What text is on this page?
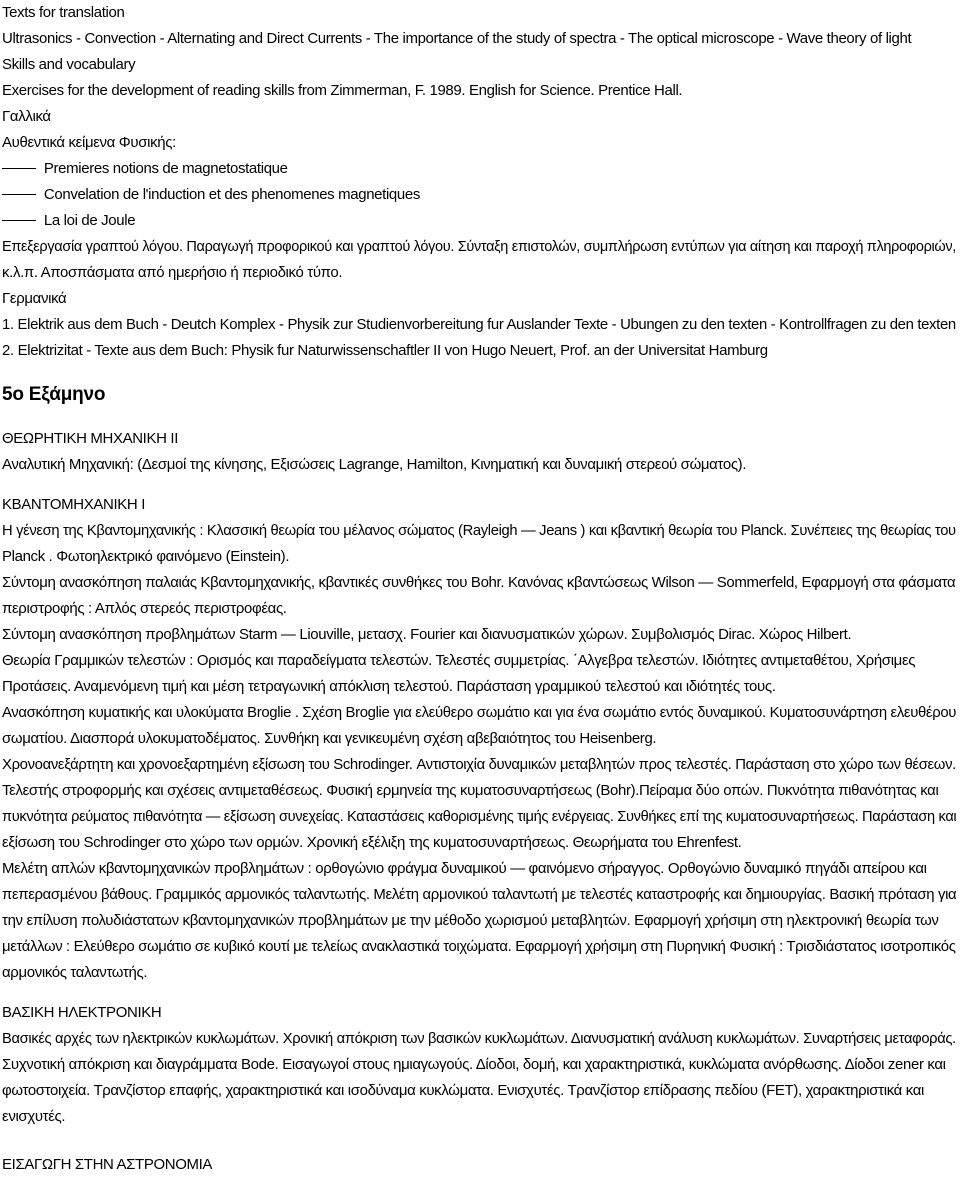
Texts for translation
Ultrasonics - Convection - Alternating and Direct Currents - The importance of the study of spectra - The optical microscope - Wave theory of light
Skills and vocabulary
Exercises for the development of reading skills from Zimmerman, F. 1989. English for Science. Prentice Hall.
Γαλλικά
Αυθεντικά κείμενα Φυσικής:
Premieres notions de magnetostatique
Convelation de l'induction et des phenomenes magnetiques
La loi de Joule
Επεξεργασία γραπτού λόγου. Παραγωγή προφορικού και γραπτού λόγου. Σύνταξη επιστολών, συμπλήρωση εντύπων για αίτηση και παροχή πληροφοριών,
κ.λ.π. Αποσπάσματα από ημερήσιο ή περιοδικό τύπο.
Γερμανικά
1. Elektrik aus dem Buch - Deutch Komplex - Physik zur Studienvorbereitung fur Auslander Texte - Ubungen zu den texten - Kontrollfragen zu den texten
2. Elektrizitat - Texte aus dem Buch: Physik fur Naturwissenschaftler II von Hugo Neuert, Prof. an der Universitat Hamburg
5ο Εξάμηνο
ΘΕΩΡΗΤΙΚΗ ΜΗΧΑΝΙΚΗ ΙΙ
Αναλυτική Μηχανική: (Δεσμοί της κίνησης, Εξισώσεις Lagrange, Hamilton, Κινηματική και δυναμική στερεού σώματος).
ΚΒΑΝΤΟΜΗΧΑΝΙΚΗ Ι
Η γένεση της Κβαντομηχανικής : Κλασσική θεωρία του μέλανος σώματος (Rayleigh — Jeans ) και κβαντική θεωρία του Planck. Συνέπειες της θεωρίας του
Planck . Φωτοηλεκτρικό φαινόμενο (Einstein).
Σύντομη ανασκόπηση παλαιάς Κβαντομηχανικής, κβαντικές συνθήκες του Bohr. Κανόνας κβαντώσεως Wilson — Sommerfeld, Εφαρμογή στα φάσματα
περιστροφής : Απλός στερεός περιστροφέας.
Σύντομη ανασκόπηση προβλημάτων Starm — Liouville, μετασχ. Fourier και διανυσματικών χώρων. Συμβολισμός Dirac. Χώρος Hilbert.
Θεωρία Γραμμικών τελεστών : Ορισμός και παραδείγματα τελεστών. Τελεστές συμμετρίας. ΄Αλγεβρα τελεστών. Ιδιότητες αντιμεταθέτου, Χρήσιμες
Προτάσεις. Αναμενόμενη τιμή και μέση τετραγωνική απόκλιση τελεστού. Παράσταση γραμμικού τελεστού και ιδιότητές τους.
Ανασκόπηση κυματικής και υλοκύματα Broglie . Σχέση Broglie για ελεύθερο σωμάτιο και για ένα σωμάτιο εντός δυναμικού. Κυματοσυνάρτηση ελευθέρου
σωματίου. Διασπορά υλοκυματοδέματος. Συνθήκη και γενικευμένη σχέση αβεβαιότητος του Heisenberg.
Χρονοανεξάρτητη και χρονοεξαρτημένη εξίσωση του Schrodinger. Αντιστοιχία δυναμικών μεταβλητών προς τελεστές. Παράσταση στο χώρο των θέσεων.
Τελεστής στροφορμής και σχέσεις αντιμεταθέσεως. Φυσική ερμηνεία της κυματοσυναρτήσεως (Bohr).Πείραμα δύο οπών. Πυκνότητα πιθανότητας και
πυκνότητα ρεύματος πιθανότητα — εξίσωση συνεχείας. Καταστάσεις καθορισμένης τιμής ενέργειας. Συνθήκες επί της κυματοσυναρτήσεως. Παράσταση και
εξίσωση του Schrodinger στο χώρο των ορμών. Χρονική εξέλιξη της κυματοσυναρτήσεως. Θεωρήματα του Ehrenfest.
Μελέτη απλών κβαντομηχανικών προβλημάτων : ορθογώνιο φράγμα δυναμικού — φαινόμενο σήραγγος. Ορθογώνιο δυναμικό πηγάδι απείρου και
πεπερασμένου βάθους. Γραμμικός αρμονικός ταλαντωτής. Μελέτη αρμονικού ταλαντωτή με τελεστές καταστροφής και δημιουργίας. Βασική πρόταση για
την επίλυση πολυδιάστατων κβαντομηχανικών προβλημάτων με την μέθοδο χωρισμού μεταβλητών. Εφαρμογή χρήσιμη στη ηλεκτρονική θεωρία των
μετάλλων : Ελεύθερο σωμάτιο σε κυβικό κουτί με τελείως ανακλαστικά τοιχώματα. Εφαρμογή χρήσιμη στη Πυρηνική Φυσική : Τρισδιάστατος ισοτροπικός
αρμονικός ταλαντωτής.
ΒΑΣΙΚΗ ΗΛΕΚΤΡΟΝΙΚΗ
Βασικές αρχές των ηλεκτρικών κυκλωμάτων. Χρονική απόκριση των βασικών κυκλωμάτων. Διανυσματική ανάλυση κυκλωμάτων. Συναρτήσεις μεταφοράς.
Συχνοτική απόκριση και διαγράμματα Bode. Εισαγωγοί στους ημιαγωγούς. Δίοδοι, δομή, και χαρακτηριστικά, κυκλώματα ανόρθωσης. Δίοδοι zener και
φωτοστοιχεία. Τρανζίστορ επαφής, χαρακτηριστικά και ισοδύναμα κυκλώματα. Ενισχυτές. Τρανζίστορ επίδρασης πεδίου (FET), χαρακτηριστικά και
ενισχυτές.
ΕΙΣΑΓΩΓΗ ΣΤΗΝ ΑΣΤΡΟΝΟΜΙΑ
